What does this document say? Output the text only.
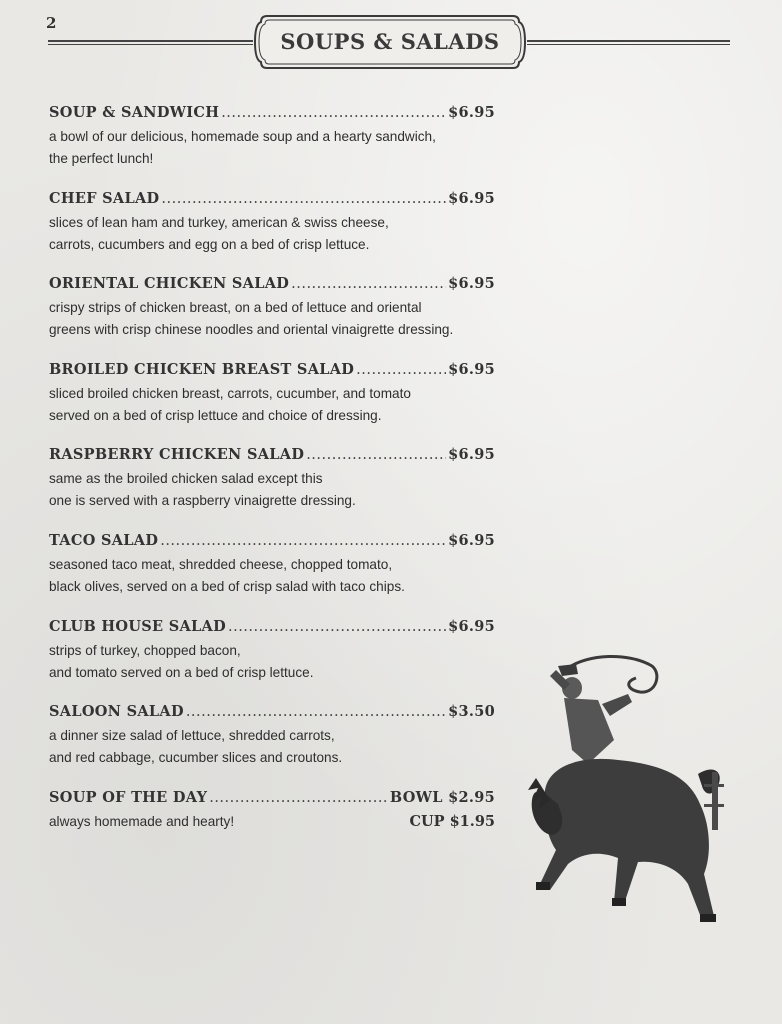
2
SOUPS & SALADS
SOUP & SANDWICH .....	$6.95
a bowl of our delicious, homemade soup and a hearty sandwich,
the perfect lunch!
CHEF SALAD .....	$6.95
slices of lean ham and turkey, american & swiss cheese,
carrots, cucumbers and egg on a bed of crisp lettuce.
ORIENTAL CHICKEN SALAD .....	$6.95
crispy strips of chicken breast, on a bed of lettuce and oriental
greens with crisp chinese noodles and oriental vinaigrette dressing.
BROILED CHICKEN BREAST SALAD .....	$6.95
sliced broiled chicken breast, carrots, cucumber, and tomato
served on a bed of crisp lettuce and choice of dressing.
RASPBERRY CHICKEN SALAD .....	$6.95
same as the broiled chicken salad except this
one is served with a raspberry vinaigrette dressing.
TACO SALAD .....	$6.95
seasoned taco meat, shredded cheese, chopped tomato,
black olives, served on a bed of crisp salad with taco chips.
CLUB HOUSE SALAD .....	$6.95
strips of turkey, chopped bacon,
and tomato served on a bed of crisp lettuce.
SALOON SALAD .....	$3.50
a dinner size salad of lettuce, shredded carrots,
and red cabbage, cucumber slices and croutons.
SOUP OF THE DAY .....	BOWL $2.95
always homemade and hearty!	CUP $1.95
